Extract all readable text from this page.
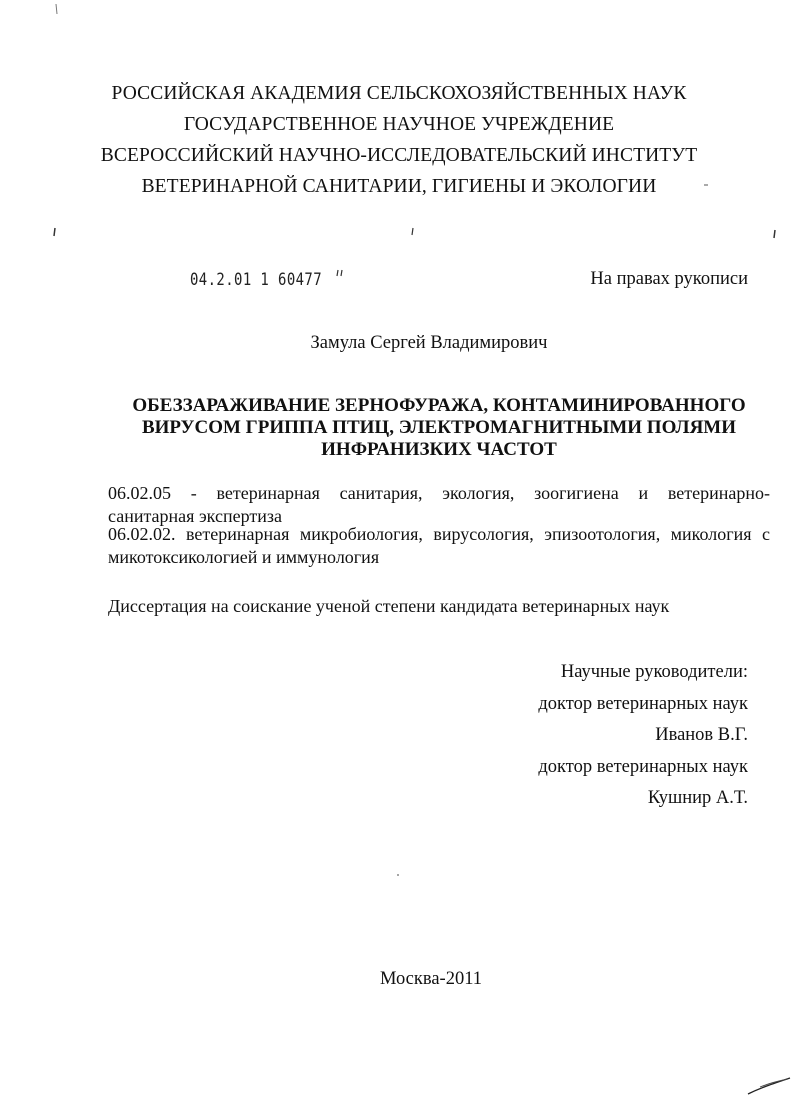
РОССИЙСКАЯ АКАДЕМИЯ СЕЛЬСКОХОЗЯЙСТВЕННЫХ НАУК
ГОСУДАРСТВЕННОЕ НАУЧНОЕ УЧРЕЖДЕНИЕ
ВСЕРОССИЙСКИЙ НАУЧНО-ИССЛЕДОВАТЕЛЬСКИЙ ИНСТИТУТ
ВЕТЕРИНАРНОЙ САНИТАРИИ, ГИГИЕНЫ И ЭКОЛОГИИ
04.2.01 1 60477	На правах рукописи
Замула Сергей Владимирович
ОБЕЗЗАРАЖИВАНИЕ ЗЕРНОФУРАЖА, КОНТАМИНИРОВАННОГО
ВИРУСОМ ГРИППА ПТИЦ, ЭЛЕКТРОМАГНИТНЫМИ ПОЛЯМИ
ИНФРАНИЗКИХ ЧАСТОТ
06.02.05 - ветеринарная санитария, экология, зоогигиена и ветеринарно-
санитарная экспертиза
06.02.02. ветеринарная микробиология, вирусология, эпизоотология, микология с
микотоксикологией и иммунология
Диссертация на соискание ученой степени кандидата ветеринарных наук
Научные руководители:
доктор ветеринарных наук
Иванов В.Г.
доктор ветеринарных наук
Кушнир А.Т.
Москва-2011
